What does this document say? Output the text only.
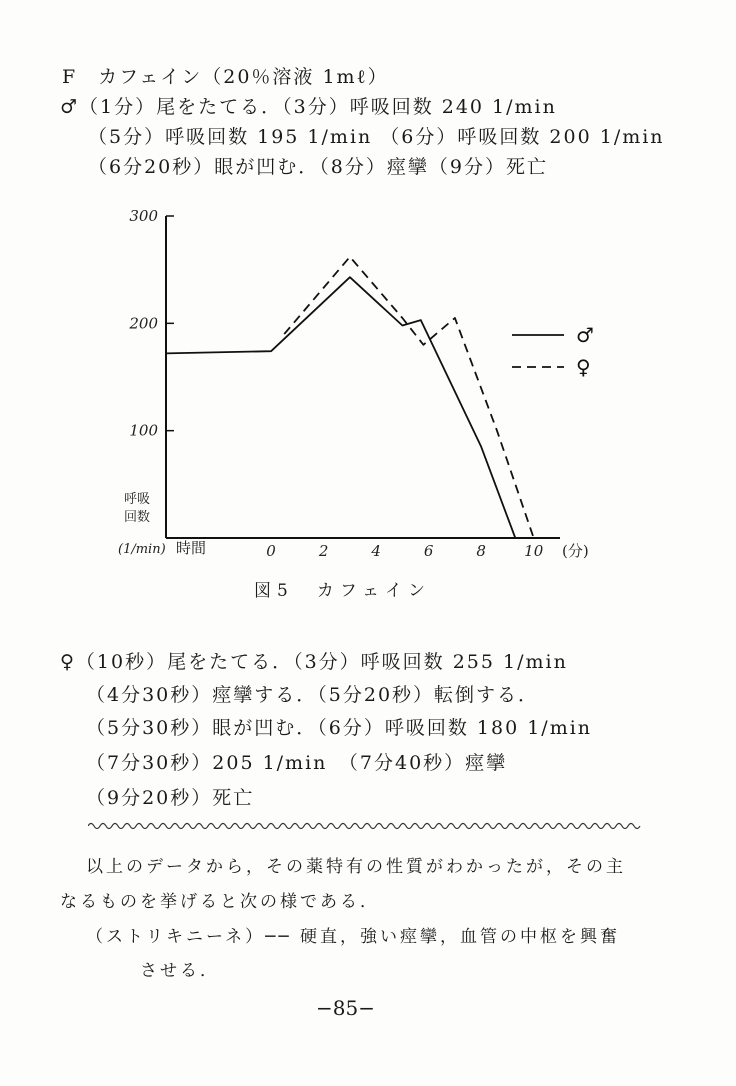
F　カフェイン（20％溶液 1mℓ）
♂（1分）尾をたてる．（3分）呼吸回数 240 1/min
（5分）呼吸回数 195 1/min （6分）呼吸回数 200 1/min
（6分20秒）眼が凹む．（8分）痙攣（9分）死亡
300
200
100
呼吸
回数
(1/min) 時間	0	2	4	6	8	10 (分)
♂
♀
図5　カフェイン
♀（10秒）尾をたてる．（3分）呼吸回数 255 1/min
（4分30秒）痙攣する．（5分20秒）転倒する．
（5分30秒）眼が凹む．（6分）呼吸回数 180 1/min
（7分30秒）205 1/min　（7分40秒）痙攣
（9分20秒）死亡
以上のデータから，その薬特有の性質がわかったが，その主
なるものを挙げると次の様である．
（ストリキニーネ）── 硬直，強い痙攣，血管の中枢を興奮
させる．
−85−
